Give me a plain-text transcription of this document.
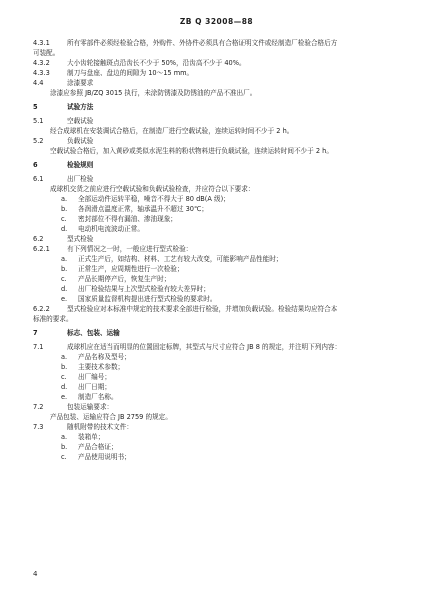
ZB Q 32008—88
4.3.1	所有零部件必须经检验合格，外购件、外协件必须具有合格证明文件或经制造厂检验合格后方
可装配。
4.3.2	大小齿轮接触斑点沿齿长不少于 50%，沿齿高不少于 40%。
4.3.3	制刀与盘座、盘边的间隙为 10～15 mm。
4.4	涂漆要求
涂漆应参照 JB/ZQ 3015 执行，未涂防锈漆及防锈油的产品不准出厂。
5	试验方法
5.1	空载试验
经合成球机在安装调试合格后，在制造厂进行空载试验，连续运转时间不少于 2 h。
5.2	负载试验
空载试验合格后，加入黄砂或类似水泥生料的粉状物料进行负载试验，连续运转时间不少于 2 h。
6	检验规则
6.1	出厂检验
成球机交货之前应进行空载试验和负载试验检查，并应符合以下要求：
a. 全部运动件运转平稳，噪音不得大于 80 dB(A 级)；
b. 各润滑点温度正常，轴承温升不超过 30℃；
c. 密封部位不得有漏油、渗油现象；
d. 电动机电流波动正常。
6.2	型式检验
6.2.1	有下列情况之一时，一般应进行型式检验：
a. 正式生产后，如结构、材料、工艺有较大改变，可能影响产品性能时；
b. 正常生产，应周期性进行一次检验；
c. 产品长期停产后，恢复生产时；
d. 出厂检验结果与上次型式检验有较大差异时；
e. 国家质量监督机构提出进行型式检验的要求时。
6.2.2	型式检验应对本标准中规定的技术要求全部进行检验，并增加负载试验。检验结果均应符合本
标准的要求。
7	标志、包装、运输
7.1	成球机应在适当而明显的位置固定标牌，其型式与尺寸应符合 JB 8 的规定，并注明下列内容：
a. 产品名称及型号；
b. 主要技术参数；
c. 出厂编号；
d. 出厂日期；
e. 制造厂名称。
7.2	包装运输要求：
产品包装、运输应符合 JB 2759 的规定。
7.3	随机附带的技术文件：
a. 装箱单；
b. 产品合格证；
c. 产品使用说明书；
4
